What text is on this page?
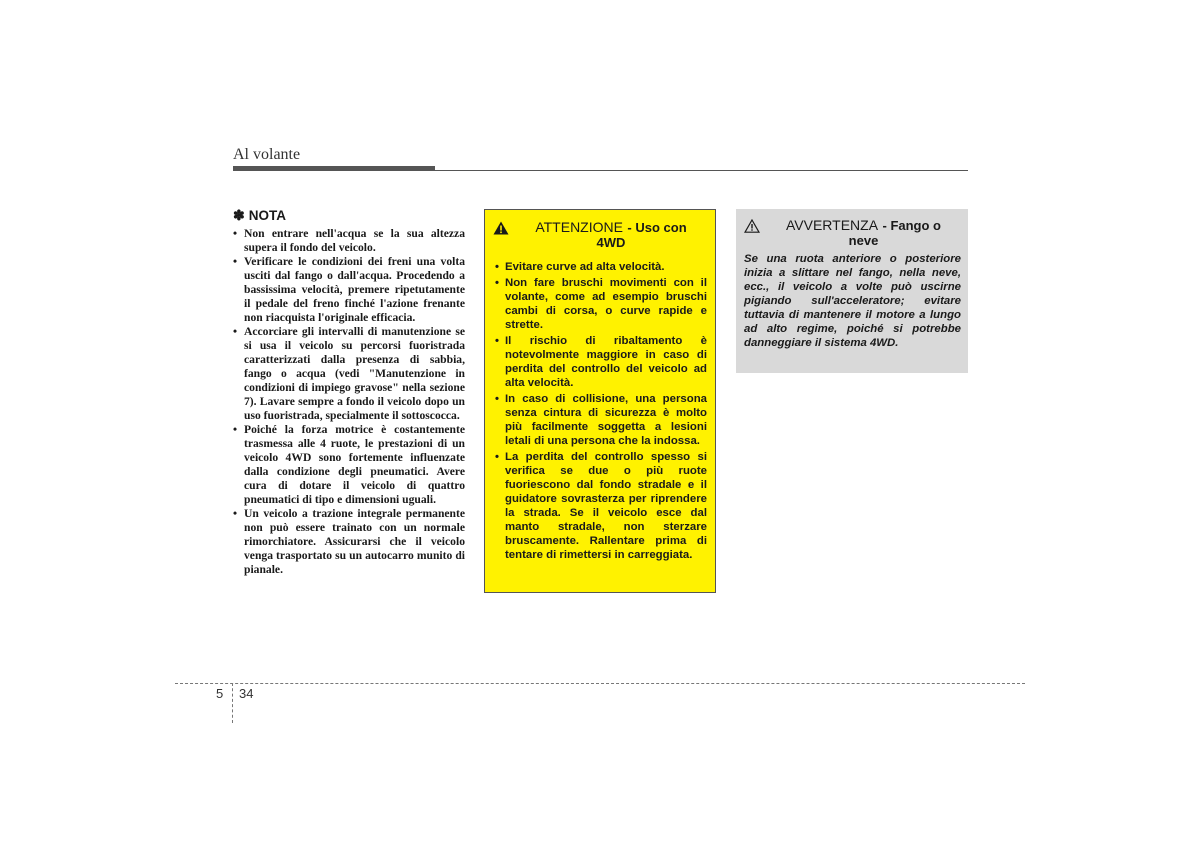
Al volante
✽ NOTA
• Non entrare nell'acqua se la sua altezza supera il fondo del veicolo.
• Verificare le condizioni dei freni una volta usciti dal fango o dall'acqua. Procedendo a bassissima velocità, premere ripetutamente il pedale del freno finché l'azione frenante non riacquista l'originale efficacia.
• Accorciare gli intervalli di manutenzione se si usa il veicolo su percorsi fuoristrada caratterizzati dalla presenza di sabbia, fango o acqua (vedi "Manutenzione in condizioni di impiego gravose" nella sezione 7). Lavare sempre a fondo il veicolo dopo un uso fuoristrada, specialmente il sottoscocca.
• Poiché la forza motrice è costantemente trasmessa alle 4 ruote, le prestazioni di un veicolo 4WD sono fortemente influenzate dalla condizione degli pneumatici. Avere cura di dotare il veicolo di quattro pneumatici di tipo e dimensioni uguali.
• Un veicolo a trazione integrale permanente non può essere trainato con un normale rimorchiatore. Assicurarsi che il veicolo venga trasportato su un autocarro munito di pianale.
ATTENZIONE - Uso con
4WD
• Evitare curve ad alta velocità.
• Non fare bruschi movimenti con il volante, come ad esempio bruschi cambi di corsa, o curve rapide e strette.
• Il rischio di ribaltamento è notevolmente maggiore in caso di perdita del controllo del veicolo ad alta velocità.
• In caso di collisione, una persona senza cintura di sicurezza è molto più facilmente soggetta a lesioni letali di una persona che la indossa.
• La perdita del controllo spesso si verifica se due o più ruote fuoriescono dal fondo stradale e il guidatore sovrasterza per riprendere la strada. Se il veicolo esce dal manto stradale, non sterzare bruscamente. Rallentare prima di tentare di rimettersi in carreggiata.
AVVERTENZA - Fango o
neve
Se una ruota anteriore o posteriore inizia a slittare nel fango, nella neve, ecc., il veicolo a volte può uscirne pigiando sull'acceleratore; evitare tuttavia di mantenere il motore a lungo ad alto regime, poiché si potrebbe danneggiare il sistema 4WD.
5 34
